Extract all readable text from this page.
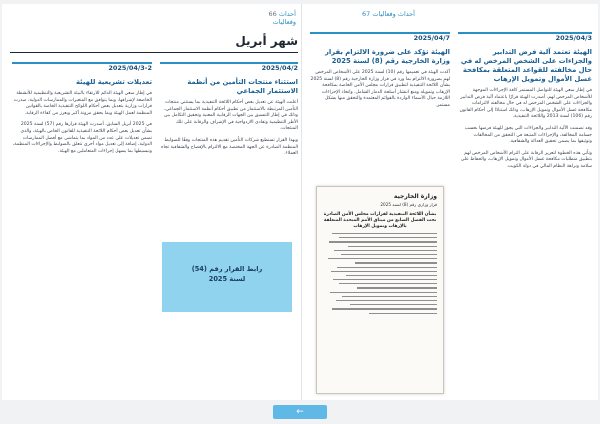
66 أحداث وفعاليات
شهر أبريل
2025/04/2
استثناء منتجات التأمين من أنظمة الاستثمار الجماعي

أعلنت الهيئة عن تعديل بعض أحكام اللائحة التنفيذية بما يستثني منتجات التأمين المرتبطة بالاستثمار من تطبيق أحكام أنظمة الاستثمار الجماعي، وذلك في إطار التنسيق بين الجهات الرقابية المعنية وتحقيق التكامل بين الأطر التنظيمية وتفادي الازدواجية في الإشراف والرقابة على تلك المنتجات.

وبهذا القرار تستطيع شركات التأمين تقديم هذه المنتجات وفقًا للضوابط المنظمة الصادرة عن الجهة المختصة مع الالتزام بالإفصاح والشفافية تجاه العملاء.

رابط القرار رقم (54)
لسنة 2025
2025/04/3-2
تعديلات تشريعية للهيئة

في إطار سعي الهيئة الدائم للارتقاء بالبيئة التشريعية والتنظيمية للأنشطة الخاضعة لإشرافها، وبما يتوافق مع المتغيرات والممارسات الدولية، صدرت قرارات وزارية بتعديل بعض أحكام اللوائح التنفيذية الخاصة بالقوانين المنظمة لعمل الهيئة وبما يحقق مرونة أكبر ويعزز من كفاءة الرقابة.

في 2025 أبريل السابق، أصدرت الهيئة قرارها رقم (57) لسنة 2025 بشأن تعديل بعض أحكام اللائحة التنفيذية للقانون الخاص بالهيئة، والذي تضمن تعديلات على عدد من المواد بما يتماشى مع أفضل الممارسات الدولية، إضافة إلى تعديل مواد أخرى تتعلق بالضوابط والإجراءات المنظمة، وتبسيطها بما يسهل إجراءات المتعاملين مع الهيئة.

أحداث وفعاليات 67
2025/04/3
الهيئة تعتمد آلية فرض التدابير والجزاءات على الشخص المرخص له في حال مخالفته للقواعد المتعلقة بمكافحة غسل الأموال وتمويل الإرهاب

في إطار سعي الهيئة للتواصل المستمر كافة الإجراءات الموجهة للأشخاص المرخص لهم، أصدرت الهيئة قرارًا باعتماد آلية فرض التدابير والجزاءات على الشخص المرخص له في حال مخالفته لالتزامات مكافحة غسل الأموال وتمويل الإرهاب، وذلك استنادًا إلى أحكام القانون رقم (106) لسنة 2013 واللائحة التنفيذية.

وقد تضمنت الآلية التدابير والجزاءات التي يجوز للهيئة فرضها بحسب جسامة المخالفة، والإجراءات المتبعة في التحقق من المخالفات وتوثيقها بما يضمن تحقيق العدالة والشفافية.

وتأتي هذه الخطوة لتعزيز الرقابة على التزام الأشخاص المرخص لهم بتطبيق متطلبات مكافحة غسل الأموال وتمويل الإرهاب، والحفاظ على سلامة ونزاهة النظام المالي في دولة الكويت.

2025/04/7
الهيئة تؤكد على ضرورة الالتزام بقرار وزارة الخارجية رقم (8) لسنة 2025

أكدت الهيئة في تعميمها رقم (10) لسنة 2025 على الأشخاص المرخص لهم بضرورة الالتزام بما ورد في قرار وزارة الخارجية رقم (8) لسنة 2025 بشأن اللائحة التنفيذية لتطبيق قرارات مجلس الأمن الخاصة بمكافحة الإرهاب وتمويله ومنع انتشار أسلحة الدمار الشامل، واتخاذ الإجراءات اللازمة حيال الأسماء الواردة بالقوائم المعتمدة والتحقق منها بشكل مستمر.

وزارة الخارجية
قرار وزاري رقم (8) لسنة 2025
بشأن اللائحة التنفيذية لقرارات مجلس الأمن الصادرة تحت الفصل السابع من ميثاق الأمم المتحدة المتعلقة بالإرهاب وتمويل الإرهاب
←
